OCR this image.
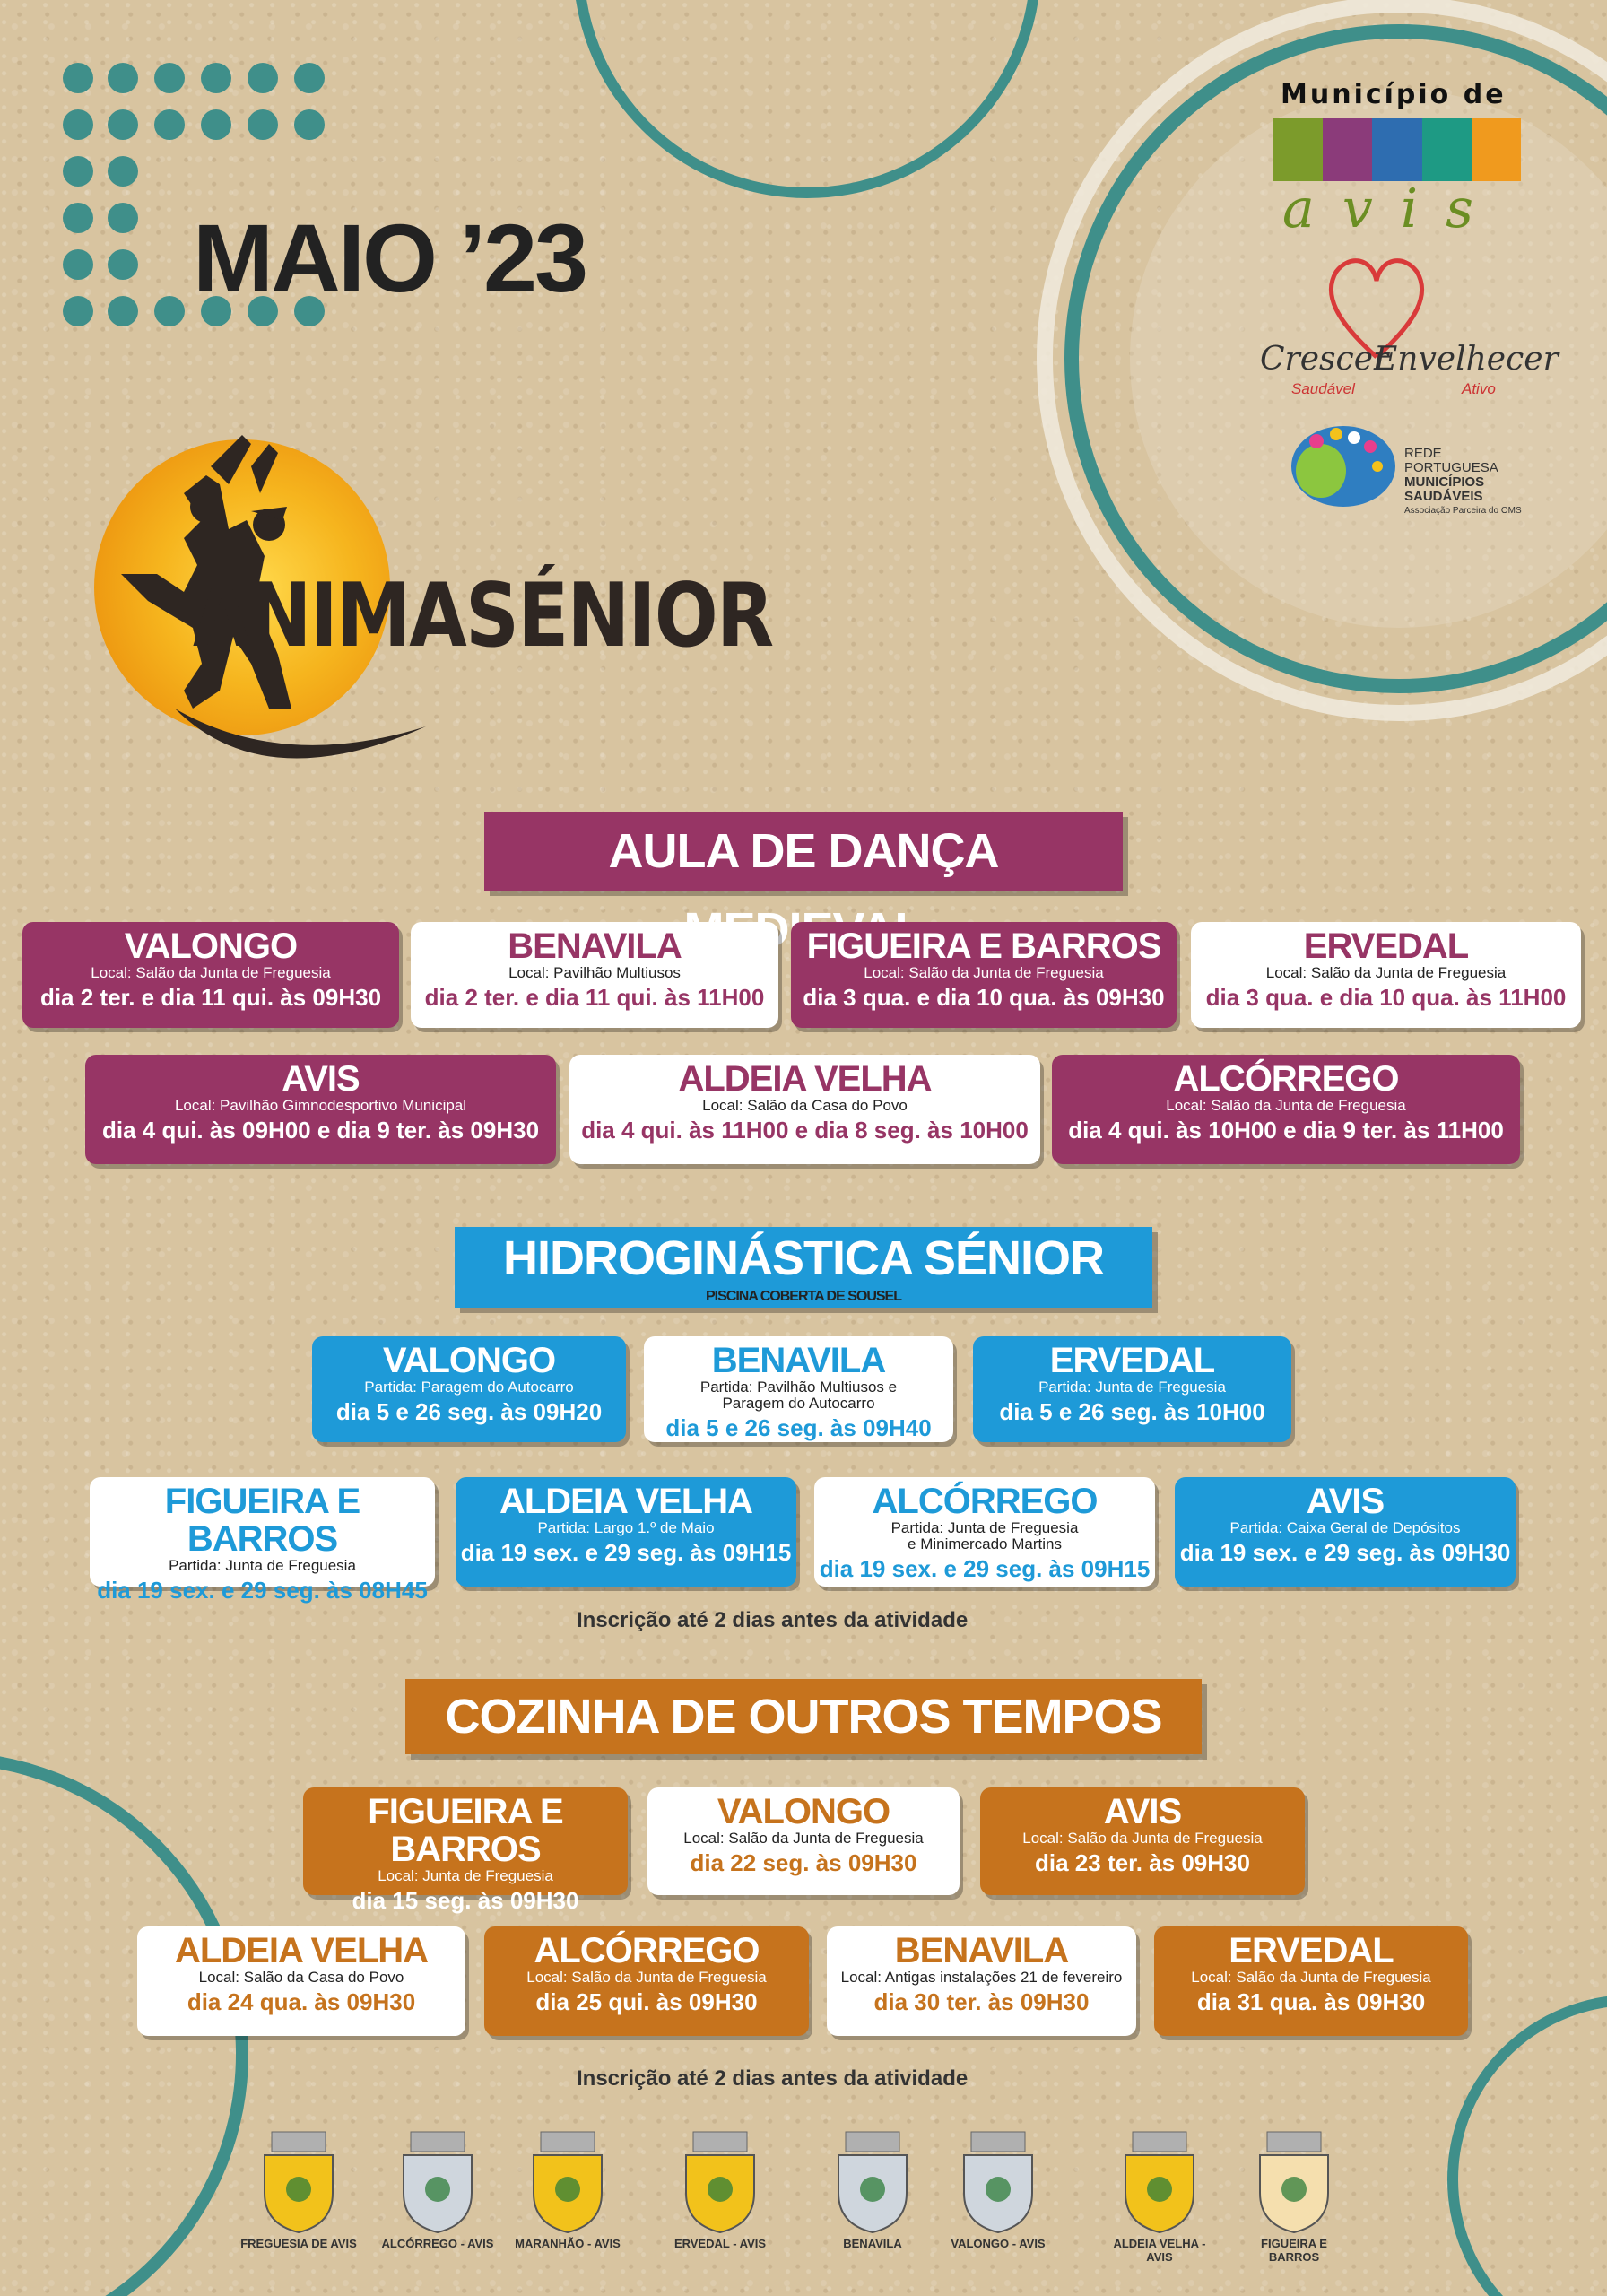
MAIO ’23
ANIMASÉNIOR
Município de
a v i s
Crescer
Saudável
Envelhecer
Ativo
REDE
PORTUGUESA
MUNICÍPIOS
SAUDÁVEIS
Associação Parceira do OMS
AULA DE DANÇA
HIDROGINÁSTICA SÉNIOR
PISCINA COBERTA DE SOUSEL
Inscrição até 2 dias antes da atividade
COZINHA DE OUTROS TEMPOS
Inscrição até 2 dias antes da atividade
VALONGO
Local: Salão da Junta de Freguesia
dia 2 ter. e dia 11 qui. às 09H30
BENAVILA
Local: Pavilhão Multiusos
dia 2 ter. e dia 11 qui. às 11H00
FIGUEIRA E BARROS
Local: Salão da Junta de Freguesia
dia 3 qua. e dia 10 qua. às 09H30
ERVEDAL
Local: Salão da Junta de Freguesia
dia 3 qua. e dia 10 qua. às 11H00
AVIS
Local: Pavilhão Gimnodesportivo Municipal
dia 4 qui. às 09H00 e dia 9 ter. às 09H30
ALDEIA VELHA
Local: Salão da Casa do Povo
dia 4 qui. às 11H00 e dia 8 seg. às 10H00
ALCÓRREGO
Local: Salão da Junta de Freguesia
dia 4 qui. às 10H00 e dia 9 ter. às 11H00
VALONGO
Partida: Paragem do Autocarro
dia 5 e 26 seg. às 09H20
BENAVILA
Partida: Pavilhão Multiusos e
Paragem do Autocarro
dia 5 e 26 seg. às 09H40
ERVEDAL
Partida: Junta de Freguesia
dia 5 e 26 seg. às 10H00
FIGUEIRA E BARROS
Partida: Junta de Freguesia
dia 19 sex. e 29 seg. às 08H45
ALDEIA VELHA
Partida: Largo 1.º de Maio
dia 19 sex. e 29 seg. às 09H15
ALCÓRREGO
Partida: Junta de Freguesia
e Minimercado Martins
dia 19 sex. e 29 seg. às 09H15
AVIS
Partida: Caixa Geral de Depósitos
dia 19 sex. e 29 seg. às 09H30
FIGUEIRA E BARROS
Local: Junta de Freguesia
dia 15 seg. às 09H30
VALONGO
Local: Salão da Junta de Freguesia
dia 22 seg. às 09H30
AVIS
Local: Salão da Junta de Freguesia
dia 23 ter. às 09H30
ALDEIA VELHA
Local: Salão da Casa do Povo
dia 24 qua. às 09H30
ALCÓRREGO
Local: Salão da Junta de Freguesia
dia 25 qui. às 09H30
BENAVILA
Local: Antigas instalações 21 de fevereiro
dia 30 ter. às 09H30
ERVEDAL
Local: Salão da Junta de Freguesia
dia 31 qua. às 09H30
FREGUESIA DE AVIS ALCÓRREGO - AVIS	MARANHÃO - AVIS	ERVEDAL - AVIS	BENAVILA	VALONGO - AVIS	ALDEIA VELHA - AVIS
FIGUEIRA E BARROS
